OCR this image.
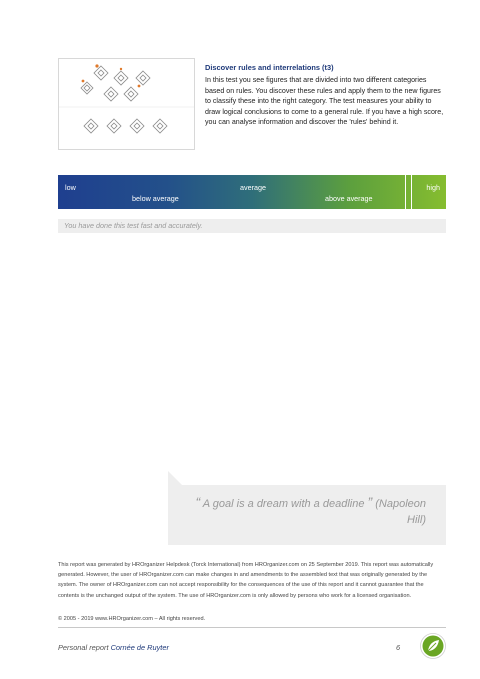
Discover rules and interrelations (t3)
In this test you see figures that are divided into two different categories based on rules. You discover these rules and apply them to the new figures to classify these into the right category. The test measures your ability to draw logical conclusions to come to a general rule. If you have a high score, you can analyse information and discover the 'rules' behind it.
low
below average
average
above average
high
You have done this test fast and accurately.
“ A goal is a dream with a deadline ” (Napoleon Hill)
This report was generated by HROrganizer Helpdesk (Torck International) from HROrganizer.com on 25 September 2019. This report was automatically generated. However, the user of HROrganizer.com can make changes in and amendments to the assembled text that was originally generated by the system. The owner of HROrganizer.com can not accept responsibility for the consequences of the use of this report and it cannot guarantee that the contents is the unchanged output of the system. The use of HROrganizer.com is only allowed by persons who work for a licensed organisation.
© 2005 - 2019 www.HROrganizer.com – All rights reserved.
Personal report Cornée de Ruyter	6
